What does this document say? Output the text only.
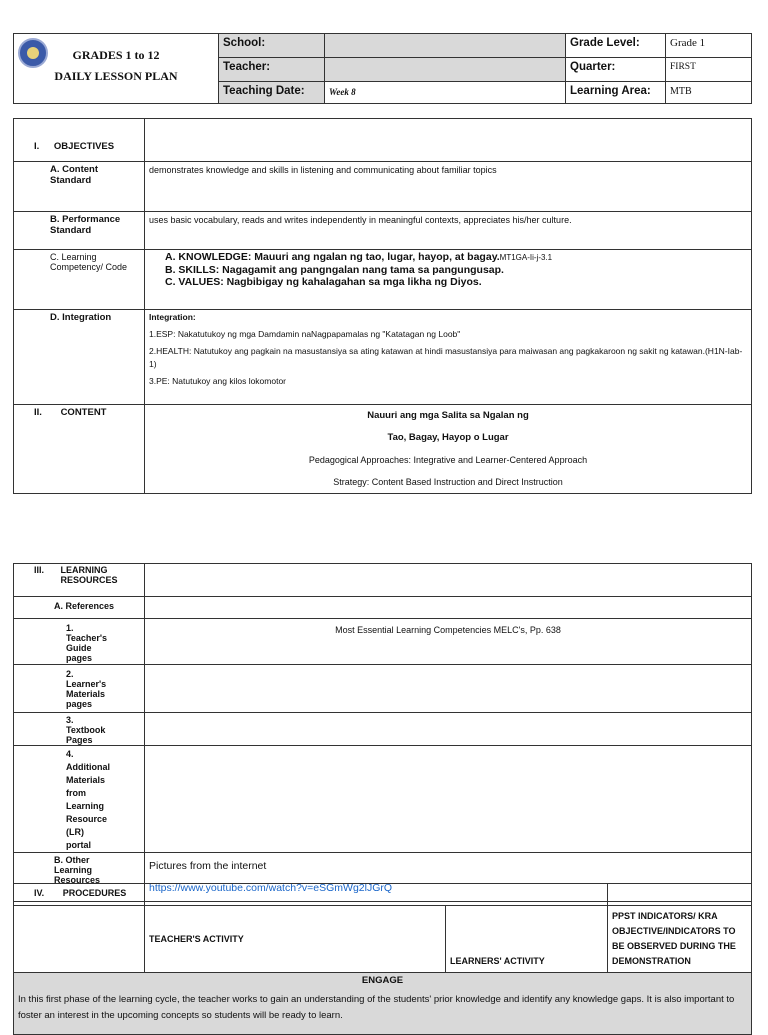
GRADES 1 to 12
DAILY LESSON PLAN	School:		Grade Level:	Grade 1
	Teacher:		Quarter:	FIRST
	Teaching Date:	Week 8	Learning Area:	MTB
I. OBJECTIVES	
A. Content Standard	demonstrates knowledge and skills in listening and communicating about familiar topics
B. Performance Standard	uses basic vocabulary, reads and writes independently in meaningful contexts, appreciates his/her culture.
C. Learning Competency/ Code	A. KNOWLEDGE: Mauuri ang ngalan ng tao, lugar, hayop, at bagay.MT1GA-Ii-j-3.1
B. SKILLS: Nagagamit ang pangngalan nang tama sa pangungusap.
C. VALUES: Nagbibigay ng kahalagahan sa mga likha ng Diyos.

D. Integration	Integration:
1.ESP: Nakatutukoy ng mga Damdamin naNagpapamalas ng "Katatagan ng Loob"
2.HEALTH: Natutukoy ang pagkain na masustansiya sa ating katawan at hindi masustansiya para maiwasan ang pagkakaroon ng sakit ng katawan.(H1N-Iab-1)
3.PE: Natutukoy ang kilos lokomotor

II. CONTENT	Nauuri ang mga Salita sa Ngalan ng
Tao, Bagay, Hayop o Lugar
Pedagogical Approaches: Integrative and Learner-Centered Approach
Strategy: Content Based Instruction and Direct Instruction
III. LEARNING RESOURCES	
A. References	
1. Teacher's Guide pages	Most Essential Learning Competencies MELC's, Pp. 638
2. Learner's Materials pages	
3. Textbook Pages	
4. Additional Materials from Learning Resource (LR) portal	
B. Other Learning Resources	Pictures from the internet
https://www.youtube.com/watch?v=eSGmWg2lJGrQ
IV. PROCEDURES			
	TEACHER'S ACTIVITY	LEARNERS' ACTIVITY	PPST INDICATORS/ KRA OBJECTIVE/INDICATORS TO BE OBSERVED DURING THE DEMONSTRATION

ENGAGE
In this first phase of the learning cycle, the teacher works to gain an understanding of the students' prior knowledge and identify any knowledge gaps. It is also important to foster an interest in the upcoming concepts so students will be ready to learn.			
